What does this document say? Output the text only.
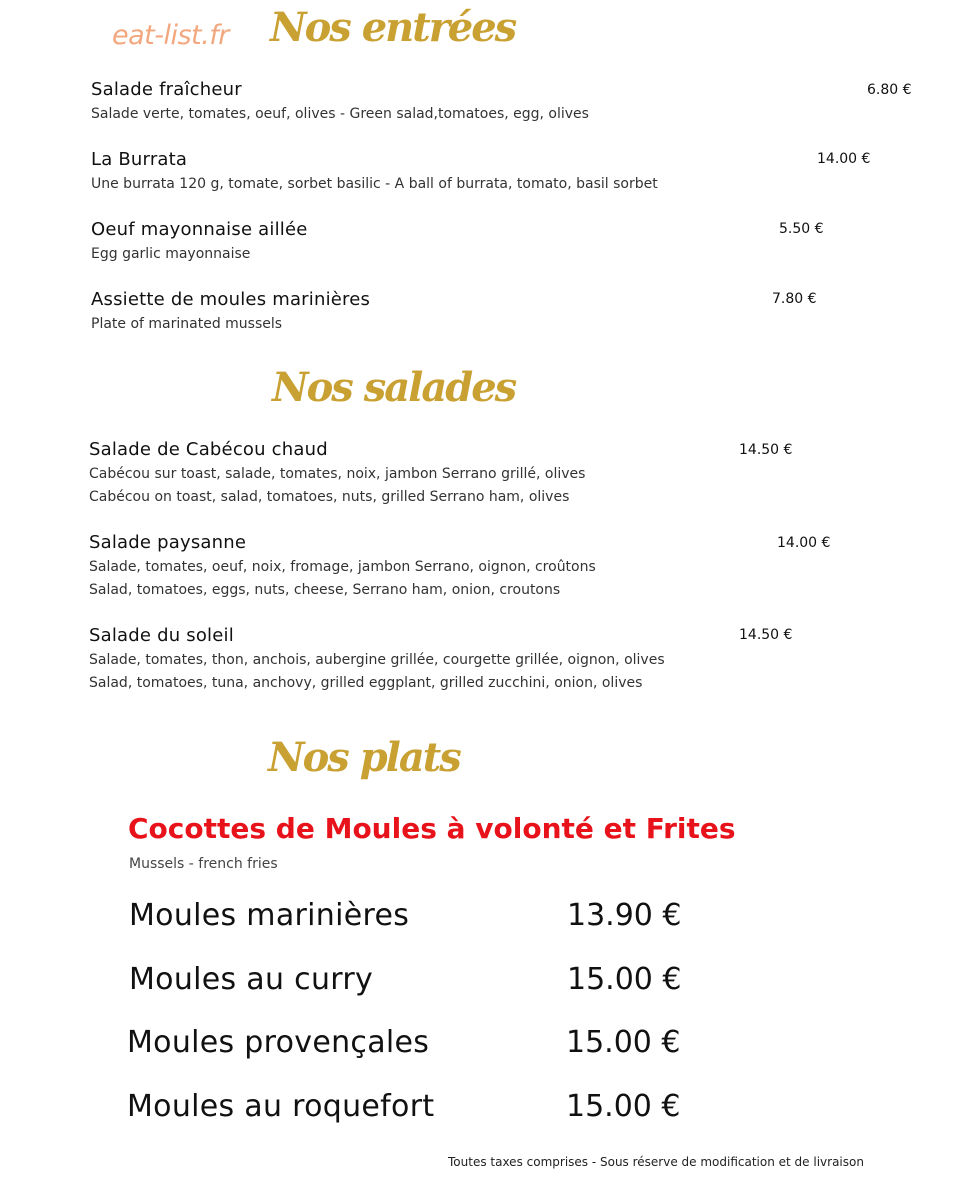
eat-list.fr Nos entrées
Salade fraîcheur
Salade verte, tomates, oeuf, olives - Green salad,tomatoes, egg, olives
6.80 €
La Burrata
Une burrata 120 g, tomate, sorbet basilic - A ball of burrata, tomato, basil sorbet
14.00 €
Oeuf mayonnaise aillée
Egg garlic mayonnaise
5.50 €
Assiette de moules marinières
Plate of marinated mussels
7.80 €
Nos salades
Salade de Cabécou chaud
Cabécou sur toast, salade, tomates, noix, jambon Serrano grillé, olives
Cabécou on toast, salad, tomatoes, nuts, grilled Serrano ham, olives
14.50 €
Salade paysanne
Salade, tomates, oeuf, noix, fromage, jambon Serrano, oignon, croûtons
Salad, tomatoes, eggs, nuts, cheese, Serrano ham, onion, croutons
14.00 €
Salade du soleil
Salade, tomates, thon, anchois, aubergine grillée, courgette grillée, oignon, olives
Salad, tomatoes, tuna, anchovy, grilled eggplant, grilled zucchini, onion, olives
14.50 €
Nos plats
Cocottes de Moules à volonté et Frites
Mussels - french fries
Moules marinières	13.90 €
Moules au curry	15.00 €
Moules provençales	15.00 €
Moules au roquefort	15.00 €
Toutes taxes comprises - Sous réserve de modification et de livraison
